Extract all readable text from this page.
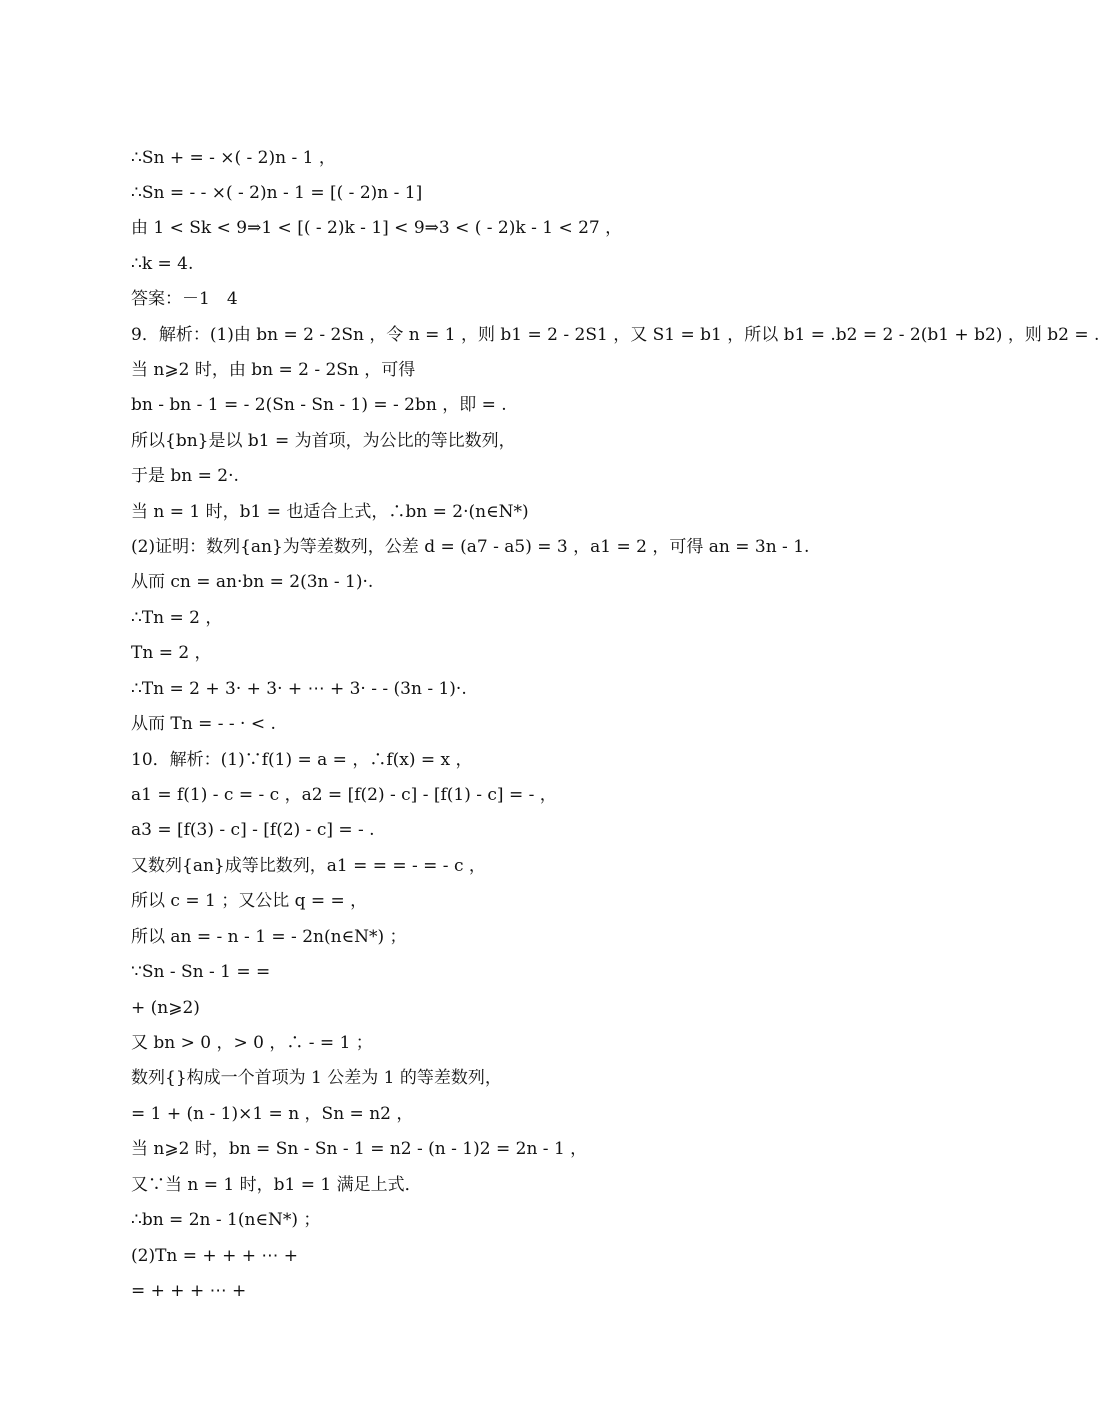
∴Sn + = - ×( - 2)n - 1 ，
∴Sn = - - ×( - 2)n - 1 = [( - 2)n - 1]
由 1 < Sk < 9⇒1 < [( - 2)k - 1] < 9⇒3 < ( - 2)k - 1 < 27 ，
∴k = 4.
答案：－1　4
9．解析：(1)由 bn = 2 - 2Sn ，令 n = 1 ，则 b1 = 2 - 2S1 ，又 S1 = b1 ，所以 b1 = .b2 = 2 - 2(b1 + b2) ，则 b2 = .
当 n⩾2 时，由 bn = 2 - 2Sn ，可得
bn - bn - 1 = - 2(Sn - Sn - 1) = - 2bn ，即 = .
所以{bn}是以 b1 = 为首项，为公比的等比数列，
于是 bn = 2·.
当 n = 1 时，b1 = 也适合上式，∴bn = 2·(n∈N*)
(2)证明：数列{an}为等差数列，公差 d = (a7 - a5) = 3 ，a1 = 2 ，可得 an = 3n - 1.
从而 cn = an·bn = 2(3n - 1)·.
∴Tn = 2 ，
Tn = 2 ，
∴Tn = 2 + 3· + 3· + ⋯ + 3· - - (3n - 1)·.
从而 Tn = - - · < .
10．解析：(1)∵f(1) = a = ，∴f(x) = x ，
a1 = f(1) - c = - c ，a2 = [f(2) - c] - [f(1) - c] = - ，
a3 = [f(3) - c] - [f(2) - c] = - .
又数列{an}成等比数列，a1 = = = - = - c ，
所以 c = 1 ；又公比 q = = ，
所以 an = - n - 1 = - 2n(n∈N*) ；
∵Sn - Sn - 1 = =
+ (n⩾2)
又 bn > 0 ，> 0 ，∴ - = 1 ；
数列{}构成一个首项为 1 公差为 1 的等差数列，
= 1 + (n - 1)×1 = n ，Sn = n2 ，
当 n⩾2 时，bn = Sn - Sn - 1 = n2 - (n - 1)2 = 2n - 1 ，
又∵当 n = 1 时，b1 = 1 满足上式．
∴bn = 2n - 1(n∈N*) ；
(2)Tn = + + + ⋯ +
= + + + ⋯ +
